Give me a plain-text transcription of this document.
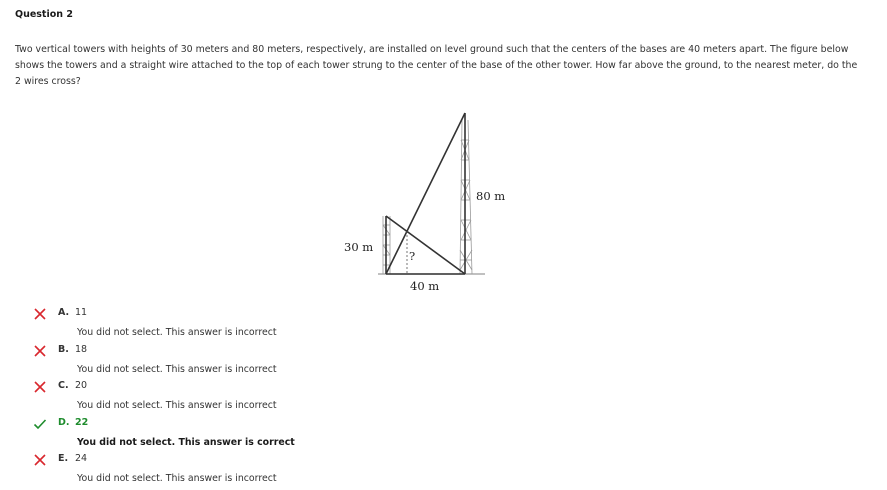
Question 2
Two vertical towers with heights of 30 meters and 80 meters, respectively, are installed on level ground such that the centers of the bases are 40 meters apart. The figure below shows the towers and a straight wire attached to the top of each tower strung to the center of the base of the other tower. How far above the ground, to the nearest meter, do the 2 wires cross?
30 m
80 m
40 m
?
A. 11
You did not select. This answer is incorrect
B. 18
You did not select. This answer is incorrect
C. 20
You did not select. This answer is incorrect
D. 22
You did not select. This answer is correct
E. 24
You did not select. This answer is incorrect
